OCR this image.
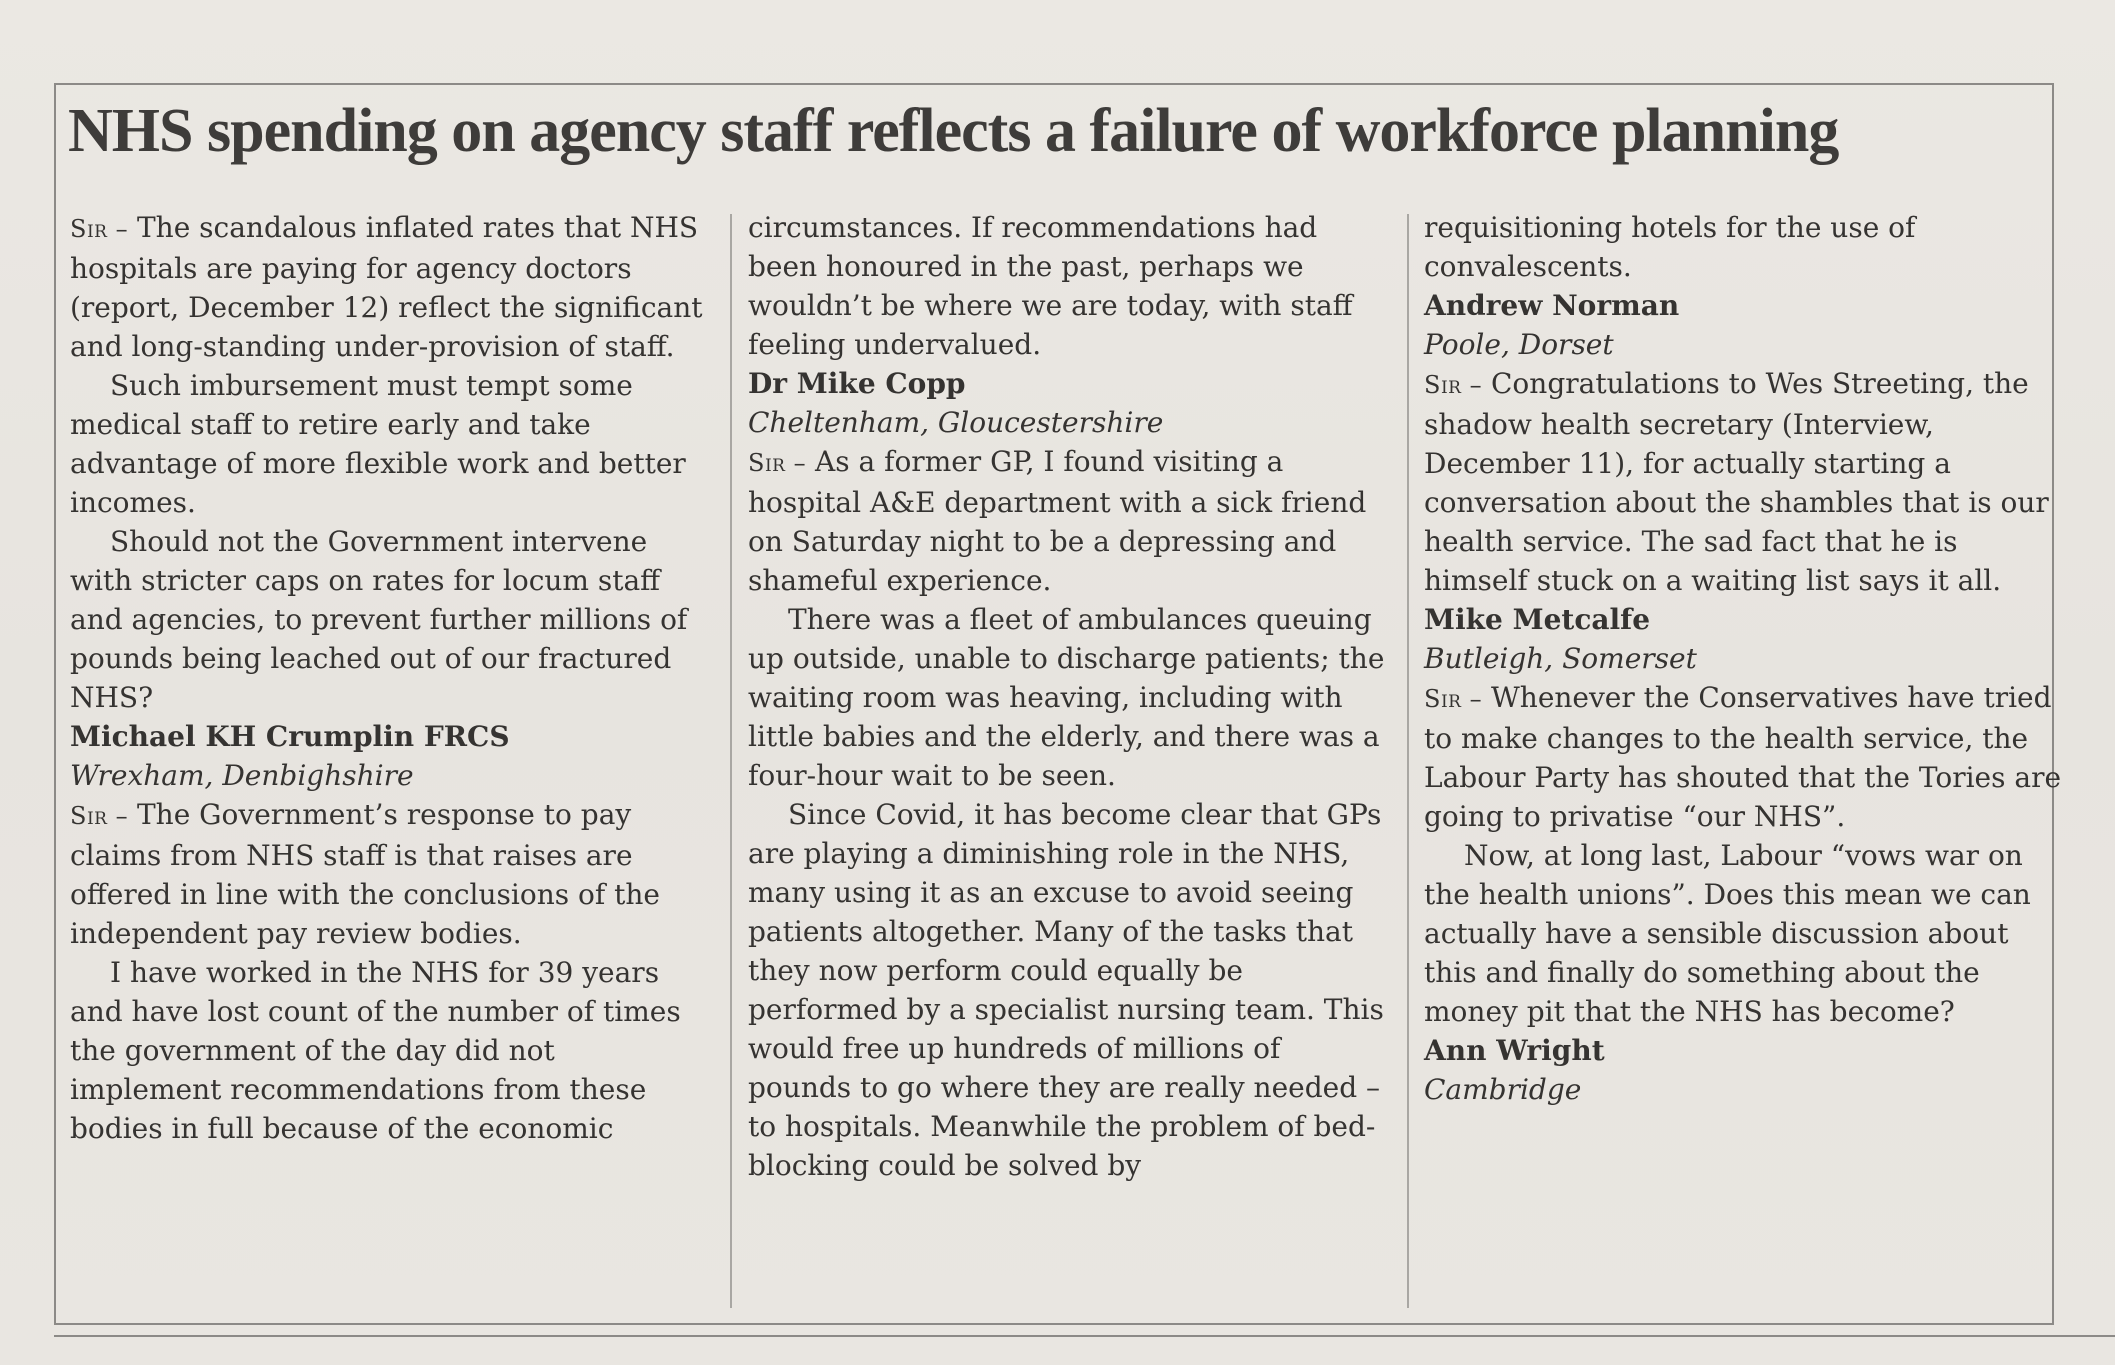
NHS spending on agency staff reflects a failure of workforce planning

Sir – The scandalous inflated rates that NHS hospitals are paying for agency doctors (report, December 12) reflect the significant and long-standing under-provision of staff.

Such imbursement must tempt some medical staff to retire early and take advantage of more flexible work and better incomes.

Should not the Government intervene with stricter caps on rates for locum staff and agencies, to prevent further millions of pounds being leached out of our fractured NHS?

Michael KH Crumplin FRCS

Wrexham, Denbighshire

Sir – The Government’s response to pay claims from NHS staff is that raises are offered in line with the conclusions of the independent pay review bodies.

I have worked in the NHS for 39 years and have lost count of the number of times the government of the day did not implement recommendations from these bodies in full because of the economic

circumstances. If recommendations had been honoured in the past, perhaps we wouldn’t be where we are today, with staff feeling undervalued.

Dr Mike Copp

Cheltenham, Gloucestershire

Sir – As a former GP, I found visiting a hospital A&E department with a sick friend on Saturday night to be a depressing and shameful experience.

There was a fleet of ambulances queuing up outside, unable to discharge patients; the waiting room was heaving, including with little babies and the elderly, and there was a four-hour wait to be seen.

Since Covid, it has become clear that GPs are playing a diminishing role in the NHS, many using it as an excuse to avoid seeing patients altogether. Many of the tasks that they now perform could equally be performed by a specialist nursing team. This would free up hundreds of millions of pounds to go where they are really needed – to hospitals. Meanwhile the problem of bed-blocking could be solved by

requisitioning hotels for the use of convalescents.

Andrew Norman

Poole, Dorset

Sir – Congratulations to Wes Streeting, the shadow health secretary (Interview, December 11), for actually starting a conversation about the shambles that is our health service. The sad fact that he is himself stuck on a waiting list says it all.

Mike Metcalfe

Butleigh, Somerset

Sir – Whenever the Conservatives have tried to make changes to the health service, the Labour Party has shouted that the Tories are going to privatise “our NHS”.

Now, at long last, Labour “vows war on the health unions”. Does this mean we can actually have a sensible discussion about this and finally do something about the money pit that the NHS has become?

Ann Wright

Cambridge
